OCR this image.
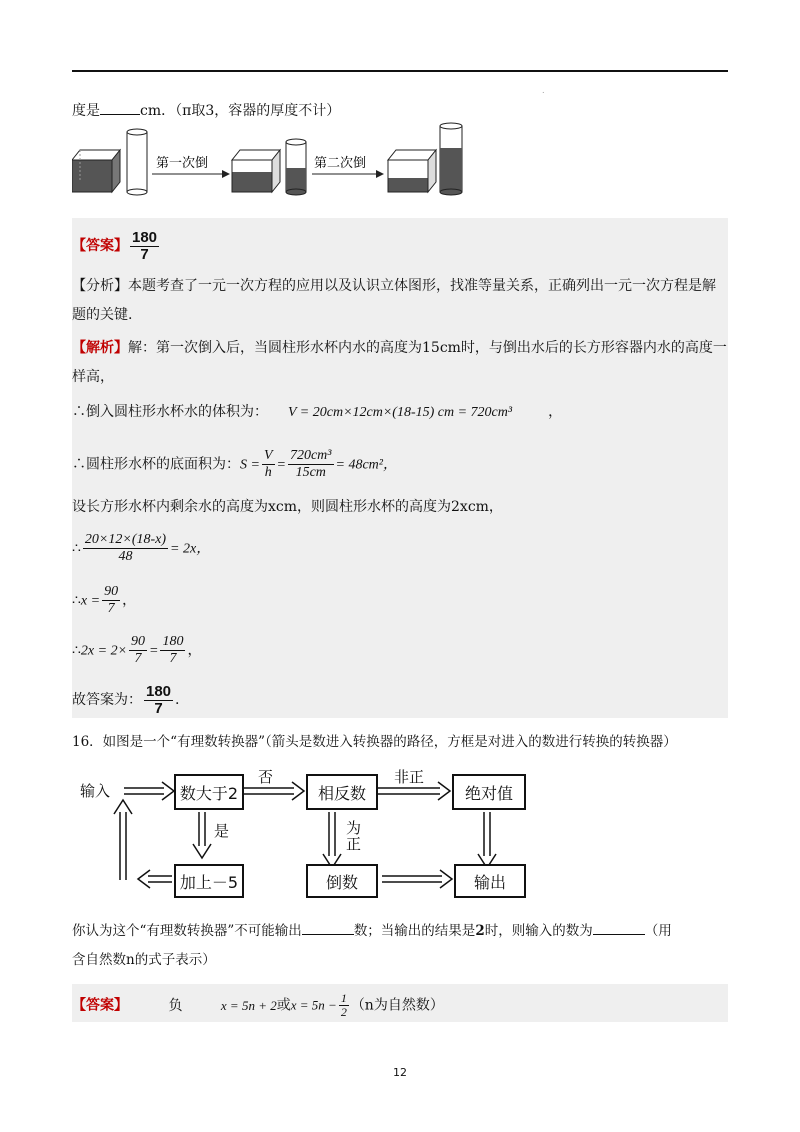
.
度是	cm．（π取3，容器的厚度不计）
第一次倒	第二次倒
【答案】 $\frac{180}{7}$
【分析】本题考查了一元一次方程的应用以及认识立体图形，找准等量关系，正确列出一元一次方程是解
题的关键.
【解析】解：第一次倒入后，当圆柱形水杯内水的高度为15cm时，与倒出水后的长方形容器内水的高度一
样高，
∴倒入圆柱形水杯水的体积为： V = 20cm×12cm×(18-15) cm = 720cm³	，
∴圆柱形水杯的底面积为：$S = \frac{V}{h} = \frac{\text{720cm³}}{15cm} = 48cm^2$，
设长方形水杯内剩余水的高度为xcm，则圆柱形水杯的高度为2xcm，
∴ $\frac{20\times 12\times(18-x)}{48} = 2x$，
∴x = $\frac{90}{7}$ ，
∴2x = $2\times \frac{90}{7} = \frac{180}{7}$ ，
故答案为： $\frac{180}{7}$ .
16．如图是一个“有理数转换器”（箭头是数进入转换器的路径，方框是对进入的数进行转换的转换器）
输入	数大于2
否
相反数
非正
绝对值
是	为
正
加上－5	倒数	输出
你认为这个“有理数转换器”不可能输出	数；当输出的结果是2时，则输入的数为	（用
含自然数n的式子表示）
【答案】	负	x = 5n + 2或$x = 5n - \frac{1}{2} (n$为自然数）
12
